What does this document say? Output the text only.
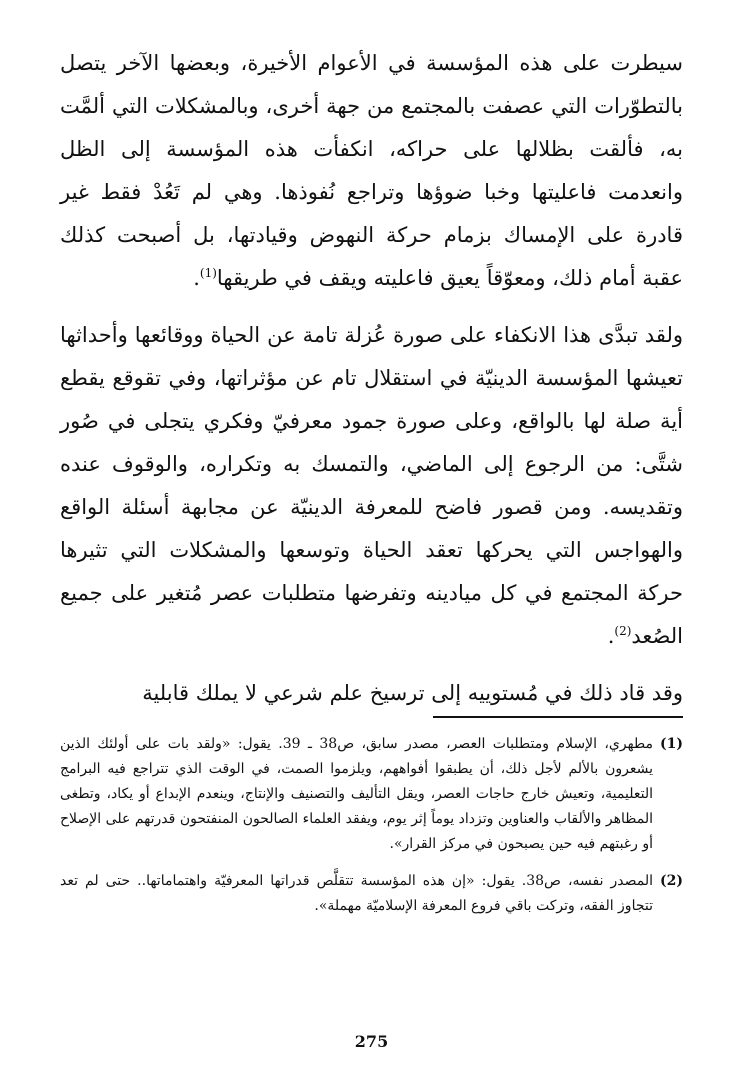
سيطرت على هذه المؤسسة في الأعوام الأخيرة، وبعضها الآخر يتصل بالتطوّرات التي عصفت بالمجتمع من جهة أخرى، وبالمشكلات التي ألمَّت به، فألقت بظلالها على حراكه، انكفأت هذه المؤسسة إلى الظل وانعدمت فاعليتها وخبا ضوؤها وتراجع نُفوذها. وهي لم تَعُدْ فقط غير قادرة على الإمساك بزمام حركة النهوض وقيادتها، بل أصبحت كذلك عقبة أمام ذلك، ومعوّقاً يعيق فاعليته ويقف في طريقها$^{(1)}$.

ولقد تبدَّى هذا الانكفاء على صورة عُزلة تامة عن الحياة ووقائعها وأحداثها تعيشها المؤسسة الدينيّة في استقلال تام عن مؤثراتها، وفي تقوقع يقطع أية صلة لها بالواقع، وعلى صورة جمود معرفيّ وفكري يتجلى في صُور شتَّى: من الرجوع إلى الماضي، والتمسك به وتكراره، والوقوف عنده وتقديسه. ومن قصور فاضح للمعرفة الدينيّة عن مجابهة أسئلة الواقع والهواجس التي يحركها تعقد الحياة وتوسعها والمشكلات التي تثيرها حركة المجتمع في كل ميادينه وتفرضها متطلبات عصر مُتغير على جميع الصُعد$^{(2)}$.

وقد قاد ذلك في مُستوييه إلى ترسيخ علم شرعي لا يملك قابلية

(1)
مطهري، الإسلام ومتطلبات العصر، مصدر سابق، ص38 ـ 39. يقول: «ولقد بات على أولئك الذين يشعرون بالألم لأجل ذلك، أن يطبقوا أفواههم، ويلزموا الصمت، في الوقت الذي تتراجع فيه البرامج التعليمية، وتعيش خارج حاجات العصر، ويقل التأليف والتصنيف والإنتاج، وينعدم الإبداع أو يكاد، وتطغى المظاهر والألقاب والعناوين وتزداد يوماً إثر يوم، ويفقد العلماء الصالحون المنفتحون قدرتهم على الإصلاح أو رغبتهم فيه حين يصبحون في مركز القرار».
(2)
المصدر نفسه، ص38. يقول: «إن هذه المؤسسة تتقلَّص قدراتها المعرفيّة واهتماماتها.. حتى لم تعد تتجاوز الفقه، وتركت باقي فروع المعرفة الإسلاميّة مهملة».
275
